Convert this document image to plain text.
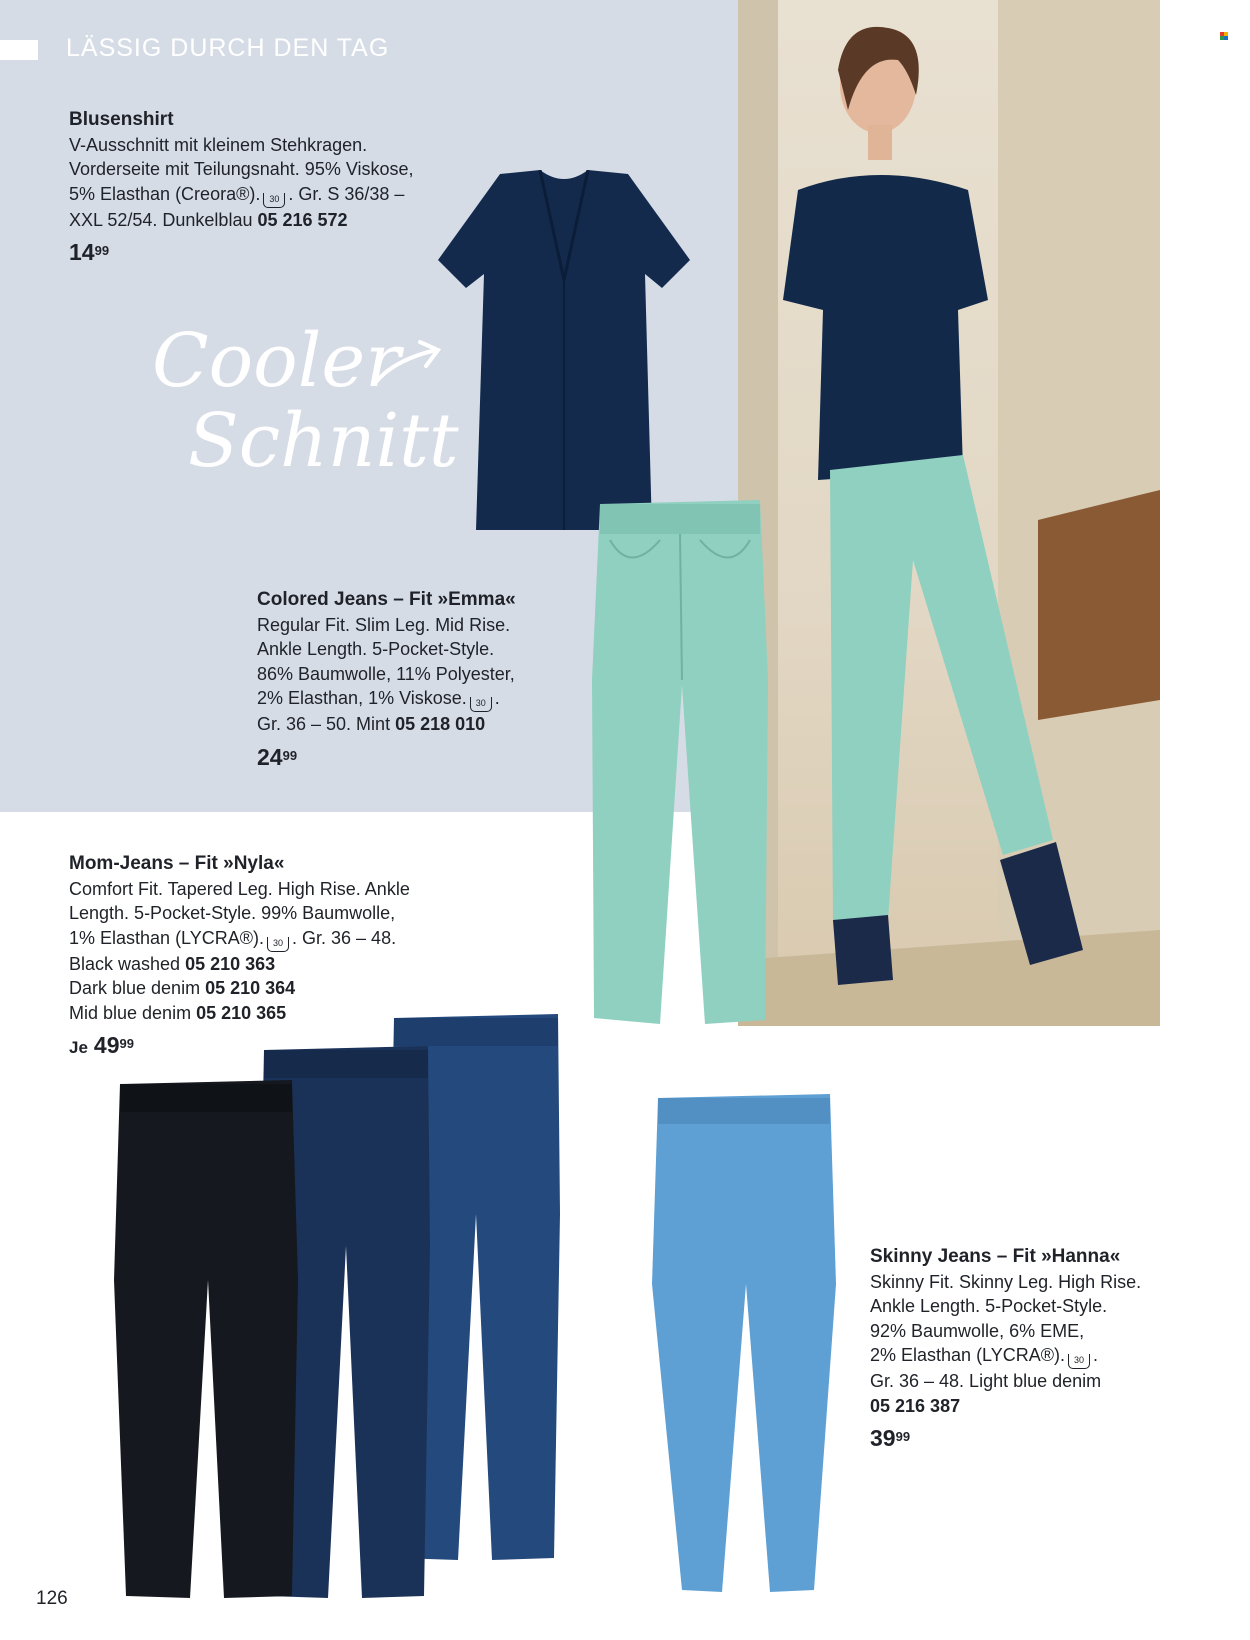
LÄSSIG DURCH DEN TAG
Cooler
Schnitt
Blusenshirt
V-Ausschnitt mit kleinem Stehkragen.
Vorderseite mit Teilungsnaht. 95% Viskose,
5% Elasthan (Creora®). 30 . Gr. S 36/38 –
XXL 52/54. Dunkelblau 05 216 572
$14^{99}$
Colored Jeans – Fit »Emma«
Regular Fit. Slim Leg. Mid Rise.
Ankle Length. 5-Pocket-Style.
86% Baumwolle, 11% Polyester,
2% Elasthan, 1% Viskose. 30 .
Gr. 36 – 50. Mint 05 218 010
$24^{99}$
Mom-Jeans – Fit »Nyla«
Comfort Fit. Tapered Leg. High Rise. Ankle
Length. 5-Pocket-Style. 99% Baumwolle,
1% Elasthan (LYCRA®). 30 . Gr. 36 – 48.
Black washed 05 210 363
Dark blue denim 05 210 364
Mid blue denim 05 210 365
Je $49^{99}$
Skinny Jeans – Fit »Hanna«
Skinny Fit. Skinny Leg. High Rise.
Ankle Length. 5-Pocket-Style.
92% Baumwolle, 6% EME,
2% Elasthan (LYCRA®). 30 .
Gr. 36 – 48. Light blue denim
05 216 387
$39^{99}$
126
